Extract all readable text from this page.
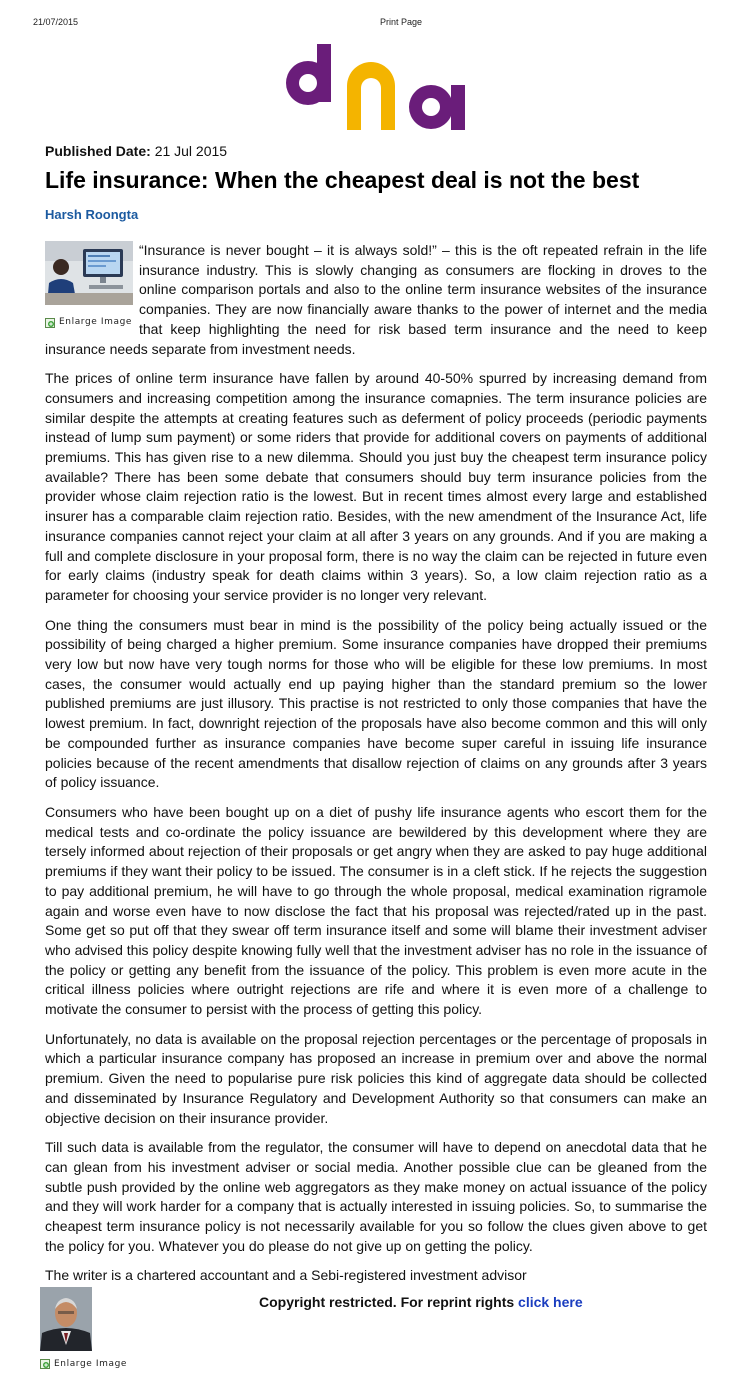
21/07/2015	Print Page
Published Date: 21 Jul 2015
Life insurance: When the cheapest deal is not the best
Harsh Roongta
Enlarge Image

“Insurance is never bought – it is always sold!” – this is the oft repeated refrain in the life insurance industry. This is slowly changing as consumers are flocking in droves to the online comparison portals and also to the online term insurance websites of the insurance companies. They are now financially aware thanks to the power of internet and the media that keep highlighting the need for risk based term insurance and the need to keep insurance needs separate from investment needs.

The prices of online term insurance have fallen by around 40-50% spurred by increasing demand from consumers and increasing competition among the insurance comapnies. The term insurance policies are similar despite the attempts at creating features such as deferment of policy proceeds (periodic payments instead of lump sum payment) or some riders that provide for additional covers on payments of additional premiums. This has given rise to a new dilemma. Should you just buy the cheapest term insurance policy available? There has been some debate that consumers should buy term insurance policies from the provider whose claim rejection ratio is the lowest. But in recent times almost every large and established insurer has a comparable claim rejection ratio. Besides, with the new amendment of the Insurance Act, life insurance companies cannot reject your claim at all after 3 years on any grounds. And if you are making a full and complete disclosure in your proposal form, there is no way the claim can be rejected in future even for early claims (industry speak for death claims within 3 years). So, a low claim rejection ratio as a parameter for choosing your service provider is no longer very relevant.

One thing the consumers must bear in mind is the possibility of the policy being actually issued or the possibility of being charged a higher premium. Some insurance companies have dropped their premiums very low but now have very tough norms for those who will be eligible for these low premiums. In most cases, the consumer would actually end up paying higher than the standard premium so the lower published premiums are just illusory. This practise is not restricted to only those companies that have the lowest premium. In fact, downright rejection of the proposals have also become common and this will only be compounded further as insurance companies have become super careful in issuing life insurance policies because of the recent amendments that disallow rejection of claims on any grounds after 3 years of policy issuance.

Consumers who have been bought up on a diet of pushy life insurance agents who escort them for the medical tests and co-ordinate the policy issuance are bewildered by this development where they are tersely informed about rejection of their proposals or get angry when they are asked to pay huge additional premiums if they want their policy to be issued. The consumer is in a cleft stick. If he rejects the suggestion to pay additional premium, he will have to go through the whole proposal, medical examination rigramole again and worse even have to now disclose the fact that his proposal was rejected/rated up in the past. Some get so put off that they swear off term insurance itself and some will blame their investment adviser who advised this policy despite knowing fully well that the investment adviser has no role in the issuance of the policy or getting any benefit from the issuance of the policy. This problem is even more acute in the critical illness policies where outright rejections are rife and where it is even more of a challenge to motivate the consumer to persist with the process of getting this policy.

Unfortunately, no data is available on the proposal rejection percentages or the percentage of proposals in which a particular insurance company has proposed an increase in premium over and above the normal premium. Given the need to popularise pure risk policies this kind of aggregate data should be collected and disseminated by Insurance Regulatory and Development Authority so that consumers can make an objective decision on their insurance provider.

Till such data is available from the regulator, the consumer will have to depend on anecdotal data that he can glean from his investment adviser or social media. Another possible clue can be gleaned from the subtle push provided by the online web aggregators as they make money on actual issuance of the policy and they will work harder for a company that is actually interested in issuing policies. So, to summarise the cheapest term insurance policy is not necessarily available for you so follow the clues given above to get the policy for you. Whatever you do please do not give up on getting the policy.

The writer is a chartered accountant and a Sebi-registered investment advisor

Enlarge Image
Copyright restricted. For reprint rights click here
